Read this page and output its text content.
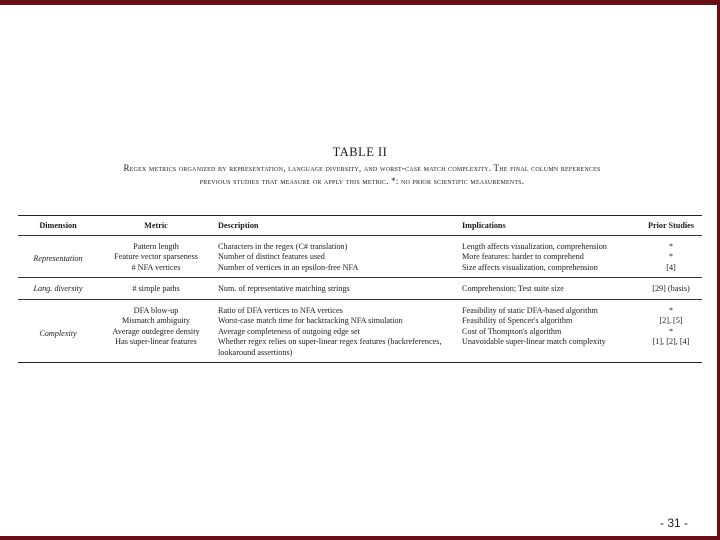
TABLE II
Regex metrics organized by representation, language diversity, and worst-case match complexity. The final column references
previous studies that measure or apply this metric. *: no prior scientific measurements.
Dimension	Metric	Description	Implications	Prior Studies
Representation	Pattern length	Characters in the regex (C# translation)	Length affects visualization, comprehension	*
	Feature vector sparseness	Number of distinct features used	More features: harder to comprehend	*
	# NFA vertices	Number of vertices in an epsilon-free NFA	Size affects visualization, comprehension	[4]
Lang. diversity	# simple paths	Num. of representative matching strings	Comprehension; Test suite size	[29] (basis)
Complexity	DFA blow-up	Ratio of DFA vertices to NFA vertices	Feasibility of static DFA-based algorithm	*
	Mismatch ambiguity	Worst-case match time for backtracking NFA simulation	Feasibility of Spencer's algorithm	[2], [5]
	Average outdegree density	Average completeness of outgoing edge set	Cost of Thompson's algorithm	*
	Has super-linear features	Whether regex relies on super-linear regex features (backreferences, lookaround assertions)	Unavoidable super-linear match complexity	[1], [2], [4]
- 31 -
